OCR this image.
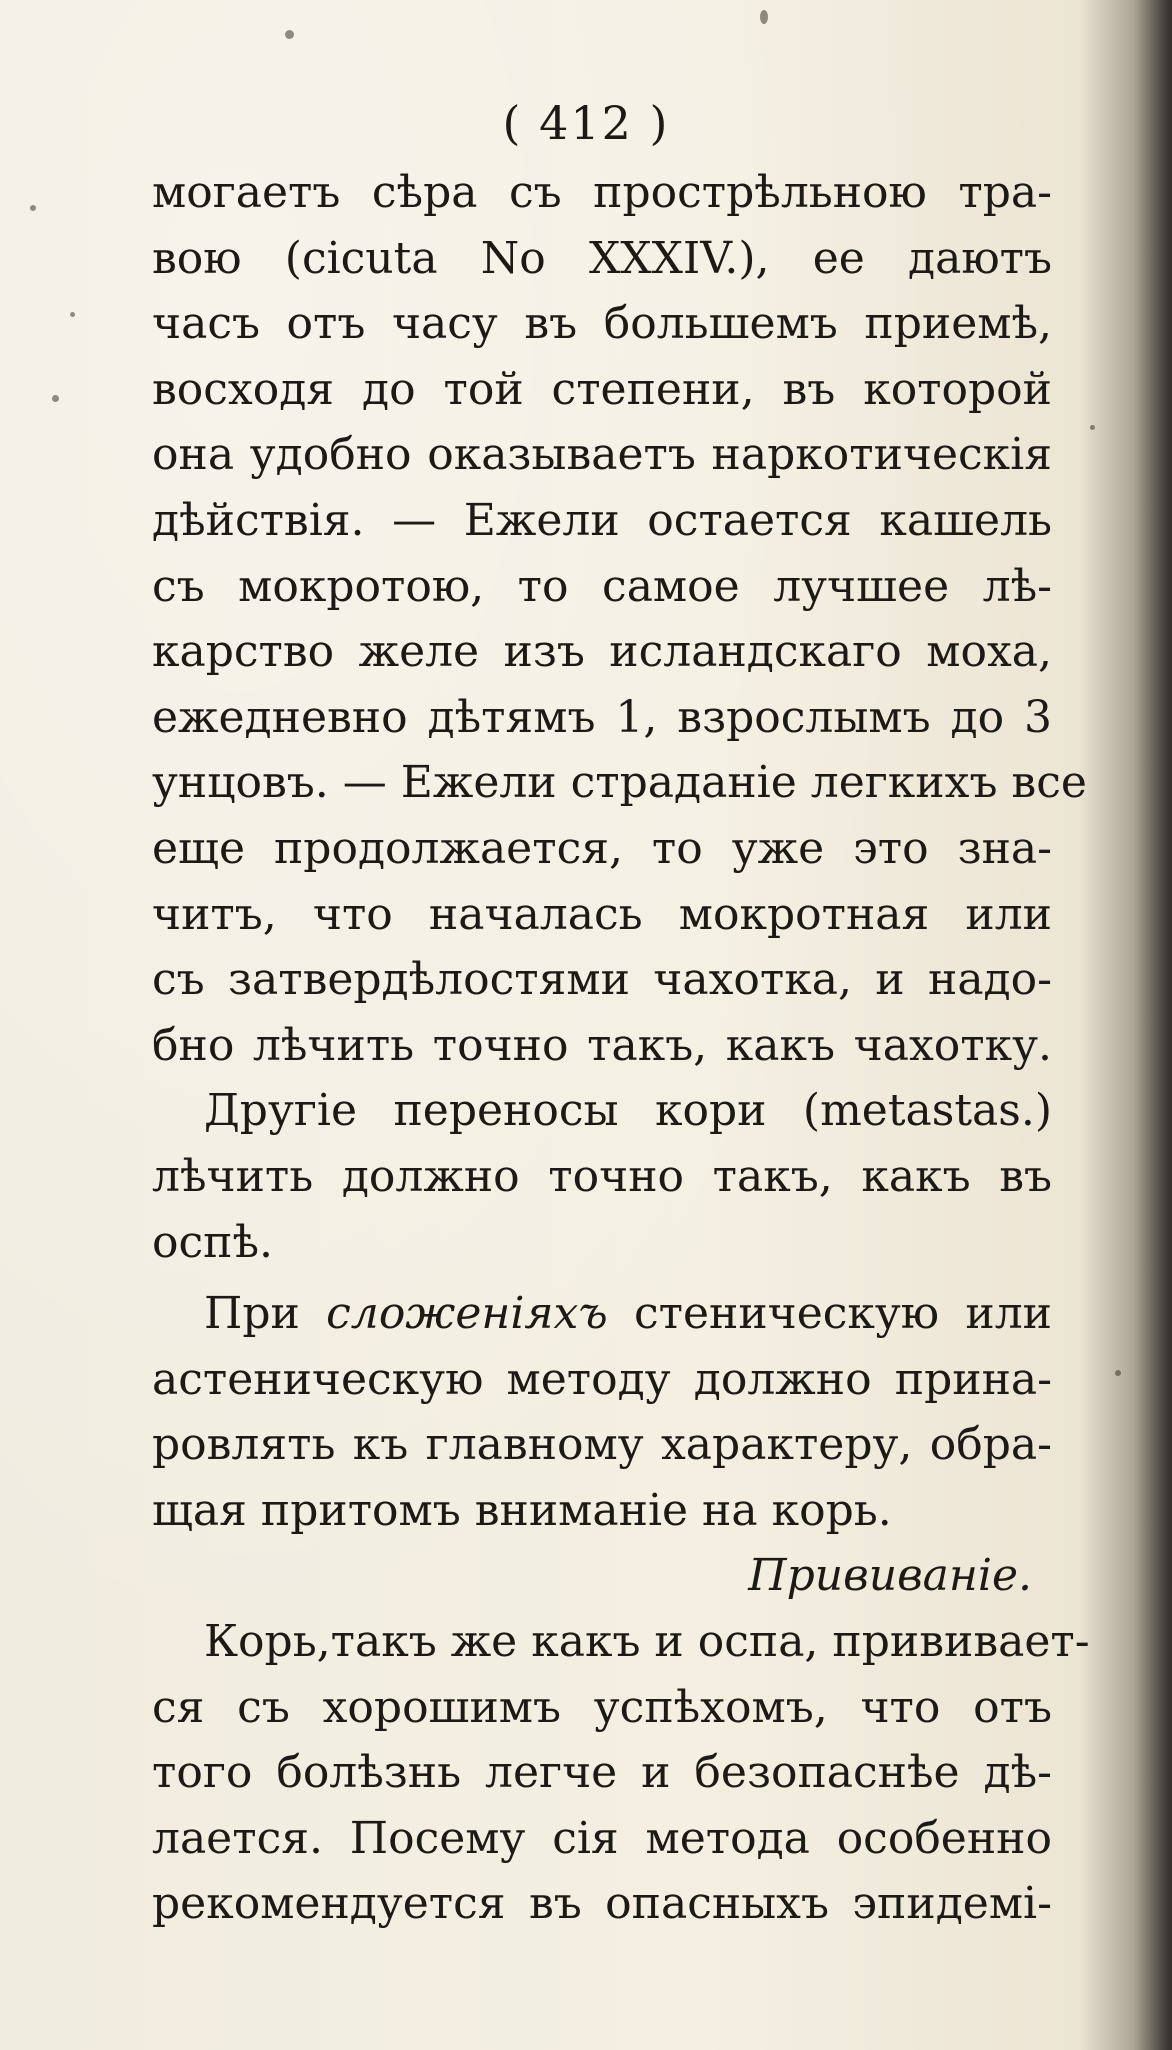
( 412 )
могаетъ сѣра съ прострѣльною тра-
вою (cicuta No XXXIV.), ее даютъ
часъ отъ часу въ большемъ приемѣ,
восходя до той степени, въ которой
она удобно оказываетъ наркотическія
дѣйствія. — Ежели остается кашель
съ мокротою, то самое лучшее лѣ-
карство желе изъ исландскаго моха,
ежедневно дѣтямъ 1, взрослымъ до 3
унцовъ. — Ежели страданіе легкихъ все
еще продолжается, то уже это зна-
читъ, что началась мокротная или
съ затвердѣлостями чахотка, и надо-
бно лѣчить точно такъ, какъ чахотку.
Другіе переносы кори (metastas.)
лѣчить должно точно такъ, какъ въ
оспѣ.
При сложеніяхъ стеническую или
астеническую методу должно прина-
ровлять къ главному характеру, обра-
щая притомъ вниманіе на корь.
Прививаніе.
Корь,такъ же какъ и оспа, прививает-
ся съ хорошимъ успѣхомъ, что отъ
того болѣзнь легче и безопаснѣе дѣ-
лается. Посему сія метода особенно
рекомендуется въ опасныхъ эпидемі-
